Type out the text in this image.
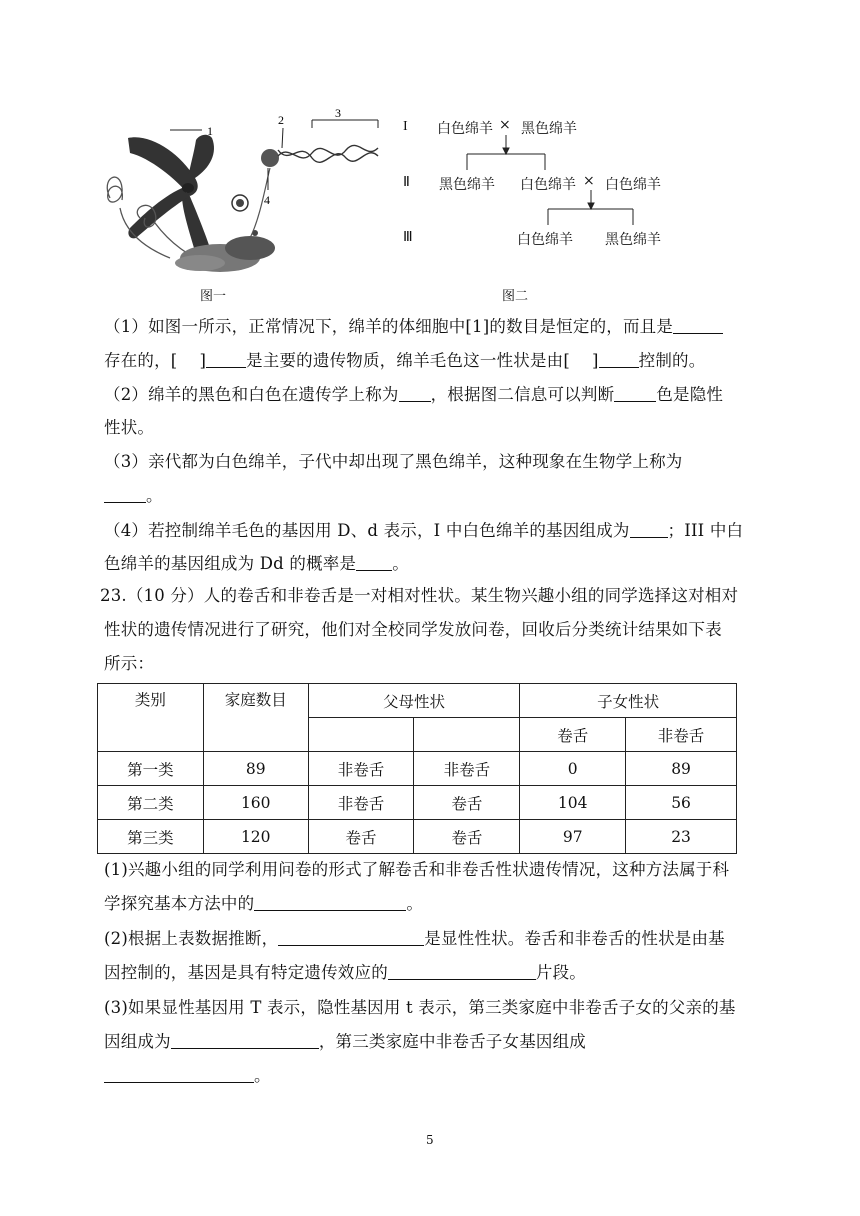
1
2	3
4
图一
I
Ⅱ
Ⅲ
白色绵羊 × 黑色绵羊
黑色绵羊 白色绵羊 × 白色绵羊
白色绵羊 黑色绵羊
图二
（1）如图一所示，正常情况下，绵羊的体细胞中[1]的数目是恒定的，而且是
存在的，[ ] 是主要的遗传物质，绵羊毛色这一性状是由[ ] 控制的。
（2）绵羊的黑色和白色在遗传学上称为 ，根据图二信息可以判断	色是隐性
性状。
（3）亲代都为白色绵羊，子代中却出现了黑色绵羊，这种现象在生物学上称为
。
（4）若控制绵羊毛色的基因用 D、d 表示，I 中白色绵羊的基因组成为 ；III 中白
色绵羊的基因组成为 Dd 的概率是 。
23.（10 分）人的卷舌和非卷舌是一对相对性状。某生物兴趣小组的同学选择这对相对
性状的遗传情况进行了研究，他们对全校同学发放问卷，回收后分类统计结果如下表
所示：
类别	家庭数目	父母性状		子女性状	
				卷舌	非卷舌
第一类	89	非卷舌	非卷舌	0	89
第二类	160	非卷舌	卷舌	104	56
第三类	120	卷舌	卷舌	97	23
(1)兴趣小组的同学利用问卷的形式了解卷舌和非卷舌性状遗传情况，这种方法属于科
学探究基本方法中的	。
(2)根据上表数据推断，	是显性性状。卷舌和非卷舌的性状是由基
因控制的，基因是具有特定遗传效应的	片段。
(3)如果显性基因用 T 表示，隐性基因用 t 表示，第三类家庭中非卷舌子女的父亲的基
因组成为	，第三类家庭中非卷舌子女基因组成
。
5
